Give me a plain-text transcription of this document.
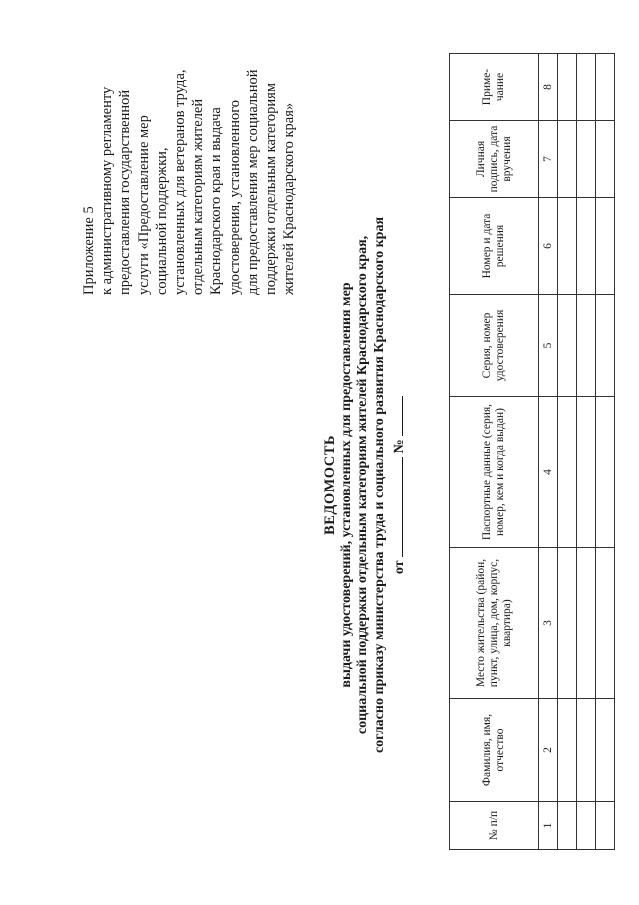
Приложение 5 к административному регламенту предоставления государственной услуги «Предоставление мер социальной поддержки, установленных для ветеранов труда, отдельным категориям жителей Краснодарского края и выдача удостоверения, установленного для предоставления мер социальной поддержки отдельным категориям жителей Краснодарского края»
ВЕДОМОСТЬ выдачи удостоверений, установленных для предоставления мер социальной поддержки отдельным категориям жителей Краснодарского края, согласно приказу министерства труда и социального развития Краснодарского края от  №
№ п/п	Фамилия, имя, отчество	Место жительства (район, пункт, улица, дом, корпус, квартира)	Паспортные данные (серия, номер, кем и когда выдан)	Серия, номер удостоверения	Номер и дата решения	Личная подпись, дата вручения	Приме- чание
1	2	3	4	5	6	7	8
